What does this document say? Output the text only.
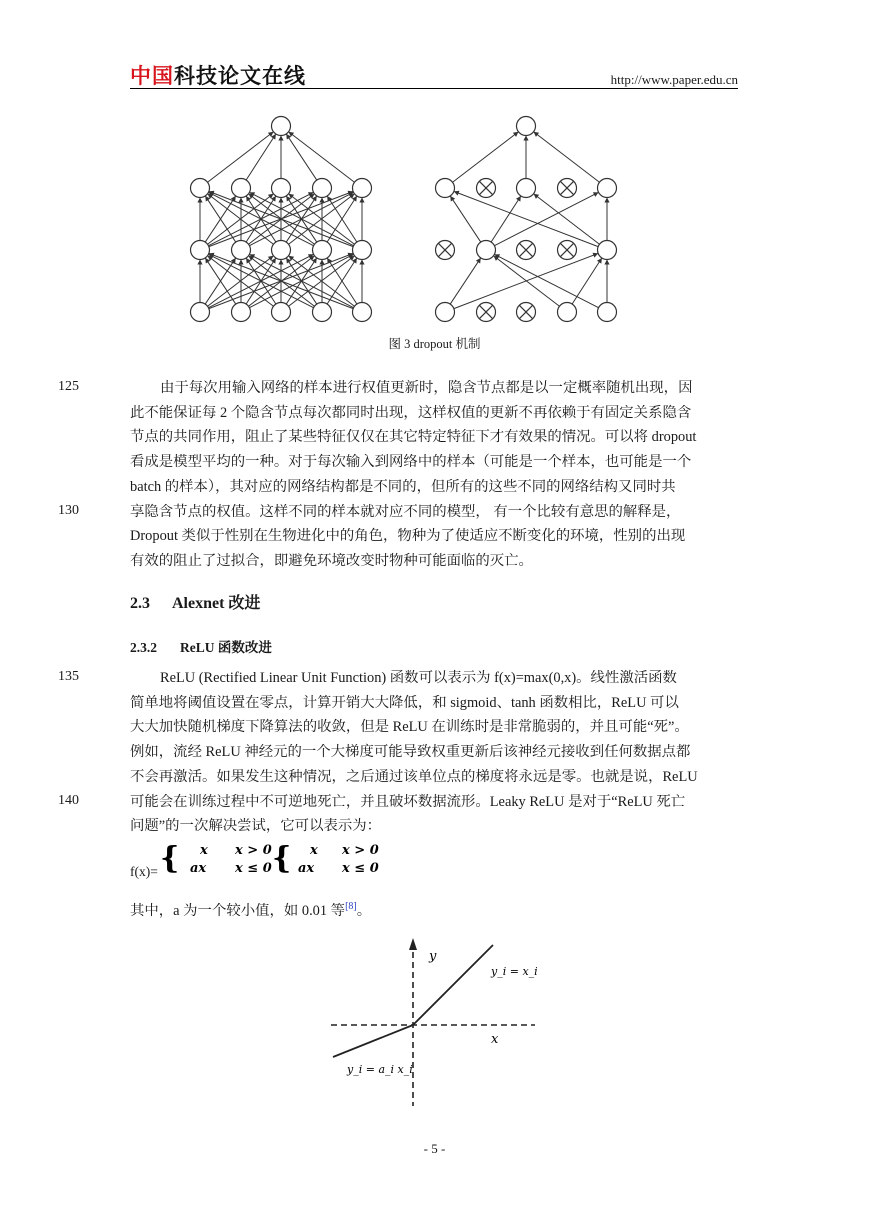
中国科技论文在线	http://www.paper.edu.cn
图 3 dropout 机制
125
130
135
140
由于每次用输入网络的样本进行权值更新时，隐含节点都是以一定概率随机出现，因
此不能保证每 2 个隐含节点每次都同时出现，这样权值的更新不再依赖于有固定关系隐含
节点的共同作用，阻止了某些特征仅仅在其它特定特征下才有效果的情况。可以将 dropout
看成是模型平均的一种。对于每次输入到网络中的样本（可能是一个样本，也可能是一个
batch 的样本），其对应的网络结构都是不同的，但所有的这些不同的网络结构又同时共
享隐含节点的权值。这样不同的样本就对应不同的模型， 有一个比较有意思的解释是，
Dropout 类似于性别在生物进化中的角色，物种为了使适应不断变化的环境，性别的出现
有效的阻止了过拟合，即避免环境改变时物种可能面临的灭亡。
2.3 Alexnet 改进
2.3.2 ReLU 函数改进
ReLU (Rectified Linear Unit Function) 函数可以表示为 f(x)=max(0,x)。线性激活函数
简单地将阈值设置在零点，计算开销大大降低，和 sigmoid、tanh 函数相比，ReLU 可以
大大加快随机梯度下降算法的收敛，但是 ReLU 在训练时是非常脆弱的，并且可能“死”。
例如，流经 ReLU 神经元的一个大梯度可能导致权重更新后该神经元接收到任何数据点都
不会再激活。如果发生这种情况，之后通过该单位点的梯度将永远是零。也就是说，ReLU
可能会在训练过程中不可逆地死亡，并且破坏数据流形。Leaky ReLU 是对于“ReLU 死亡
问题”的一次解决尝试，它可以表示为：
f(x)= { x x > 0
ax x ≤ 0 { x x > 0
ax x ≤ 0
其中，a 为一个较小值，如 0.01 等[8]。
y
x
y_i = x_i
y_i = a_i x_i
- 5 -
